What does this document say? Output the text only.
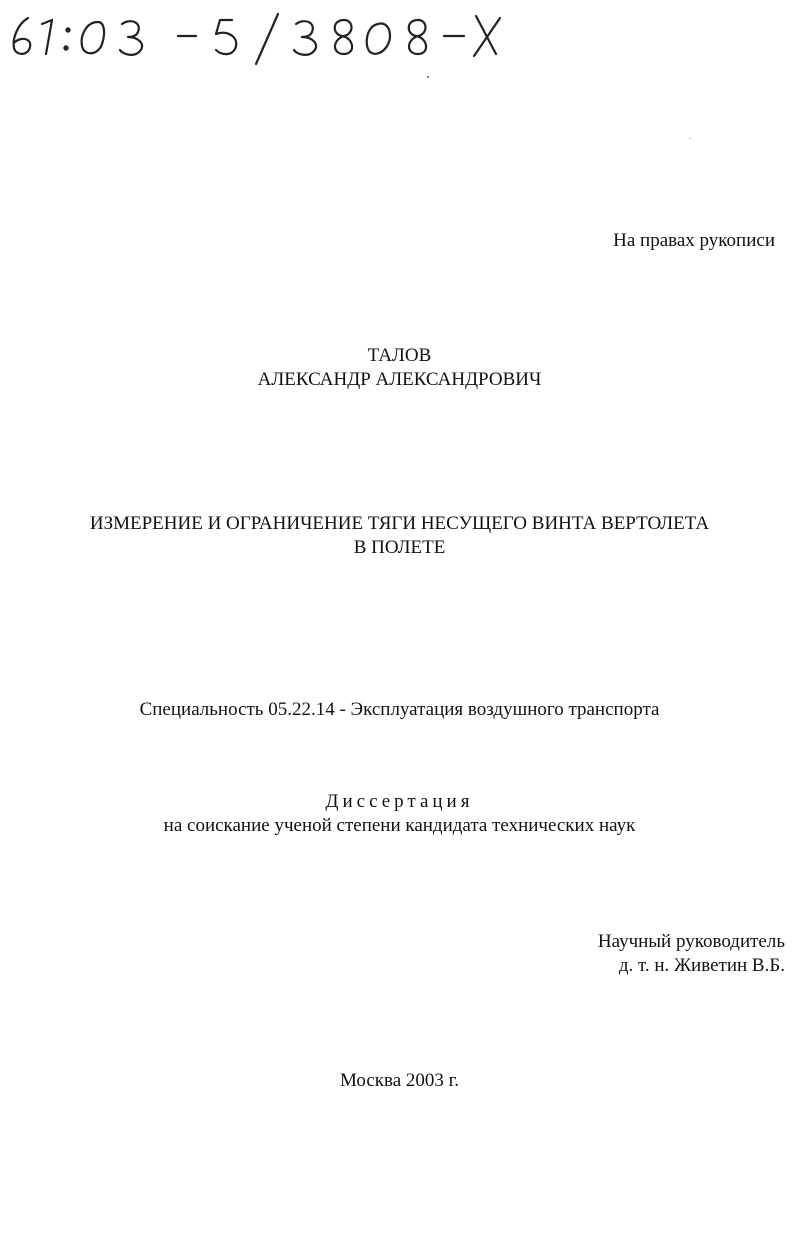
На правах рукописи
ТАЛОВ
АЛЕКСАНДР АЛЕКСАНДРОВИЧ
ИЗМЕРЕНИЕ И ОГРАНИЧЕНИЕ ТЯГИ НЕСУЩЕГО ВИНТА ВЕРТОЛЕТА
В ПОЛЕТЕ
Специальность 05.22.14 - Эксплуатация воздушного транспорта
Диссертация
на соискание ученой степени кандидата технических наук
Научный руководитель
д. т. н. Живетин В.Б.
Москва 2003 г.
